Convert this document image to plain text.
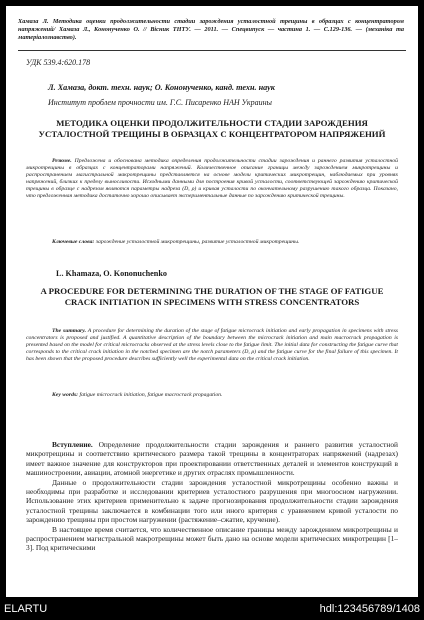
Хамаза Л. Методика оценки продолжительности стадии зарождения усталостной трещины в образцах с концентратором напряжений/ Хамаза Л., Кононученко О. // Вісник ТНТУ. — 2011. — Спецвипуск — частина 1. — С.129-136. — (механіка та матеріалознавство).
УДК 539.4:620.178
Л. Хамаза, докт. техн. наук; О. Кононученко, канд. техн. наук
Институт проблем прочности им. Г.С. Писаренко НАН Украины
МЕТОДИКА ОЦЕНКИ ПРОДОЛЖИТЕЛЬНОСТИ СТАДИИ ЗАРОЖДЕНИЯ УСТАЛОСТНОЙ ТРЕЩИНЫ В ОБРАЗЦАХ С КОНЦЕНТРАТОРОМ НАПРЯЖЕНИЙ
Резюме. Предложена и обоснована методика определения продолжительности стадии зарождения и раннего развития усталостной микротрещины в образцах с концентраторами напряжений. Количественное описание границы между зарождением микротрещины и распространением магистральной макротрещины представляется на основе модели критических микротрещин, наблюдаемых при уровнях напряжений, близких к пределу выносливости. Исходными данными для построения кривой усталости, соответствующей зарождению критической трещины в образце с надрезом являются параметры надреза (D, ρ) и кривая усталости по окончательному разрушению такого образца. Показано, что предложенная методика достаточно хорошо описывает экспериментальные данные по зарождению критической трещины.
Ключевые слова: зарождение усталостной микротрещины, развитие усталостной микротрещины.
L. Khamaza, O. Kononuchenko
A PROCEDURE FOR DETERMINING THE DURATION OF THE STAGE OF FATIGUE CRACK INITIATION IN SPECIMENS WITH STRESS CONCENTRATORS
The summary. A procedure for determining the duration of the stage of fatigue microcrack initiation and early propagation in specimens with stress concentrators is proposed and justified. A quantitative description of the boundary between the microcrack initiation and main macrocrack propagation is presented based on the model for critical microcracks observed at the stress levels close to the fatigue limit. The initial data for constructing the fatigue curve that corresponds to the critical crack initiation in the notched specimen are the notch parameters (D, ρ) and the fatigue curve for the final failure of this specimen. It has been shown that the proposed procedure describes sufficiently well the experimental data on the critical crack initiation.
Key words: fatigue microcrack initiation, fatigue macrocrack propagation.

Вступление. Определение продолжительности стадии зарождения и раннего развития усталостной микротрещины и соответствию критического размера такой трещины в концентраторах напряжений (надрезах) имеет важное значение для конструкторов при проектировании ответственных деталей и элементов конструкций в машиностроении, авиации, атомной энергетике и других отраслях промышленности.

Данные о продолжительности стадии зарождения усталостной микротрещины особенно важны и необходимы при разработке и исследовании критериев усталостного разрушения при многоосном нагружении. Использование этих критериев применительно к задаче прогнозирования продолжительности стадии зарождения усталостной трещины заключается в комбинации того или иного критерия с уравнением кривой усталости по зарождению трещины при простом нагружении (растяжение–сжатие, кручение).

В настоящее время считается, что количественное описание границы между зарождением микротрещины и распространением магистральной макротрещины может быть дано на основе модели критических микротрещин [1–3]. Под критическими

ELARTU	hdl:123456789/1408
